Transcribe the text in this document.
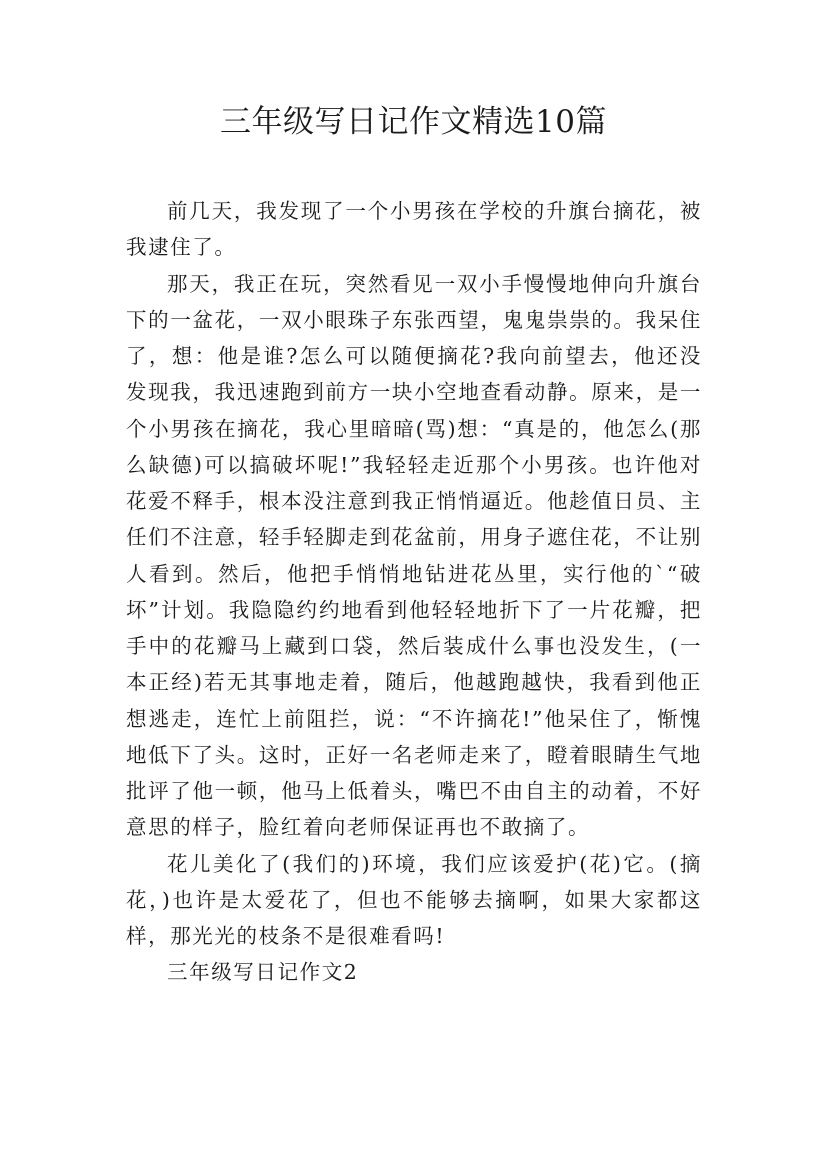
三年级写日记作文精选10篇

前几天，我发现了一个小男孩在学校的升旗台摘花，被我逮住了。

那天，我正在玩，突然看见一双小手慢慢地伸向升旗台下的一盆花，一双小眼珠子东张西望，鬼鬼祟祟的。我呆住了，想：他是谁?怎么可以随便摘花?我向前望去，他还没发现我，我迅速跑到前方一块小空地查看动静。原来，是一个小男孩在摘花，我心里暗暗(骂)想：“真是的，他怎么(那么缺德)可以搞破坏呢!”我轻轻走近那个小男孩。也许他对花爱不释手，根本没注意到我正悄悄逼近。他趁值日员、主任们不注意，轻手轻脚走到花盆前，用身子遮住花，不让别人看到。然后，他把手悄悄地钻进花丛里，实行他的`“破坏”计划。我隐隐约约地看到他轻轻地折下了一片花瓣，把手中的花瓣马上藏到口袋，然后装成什么事也没发生，(一本正经)若无其事地走着，随后，他越跑越快，我看到他正想逃走，连忙上前阻拦，说：“不许摘花!”他呆住了，惭愧地低下了头。这时，正好一名老师走来了，瞪着眼睛生气地批评了他一顿，他马上低着头，嘴巴不由自主的动着，不好意思的样子，脸红着向老师保证再也不敢摘了。

花儿美化了(我们的)环境，我们应该爱护(花)它。(摘花，)也许是太爱花了，但也不能够去摘啊，如果大家都这样，那光光的枝条不是很难看吗!

三年级写日记作文2
